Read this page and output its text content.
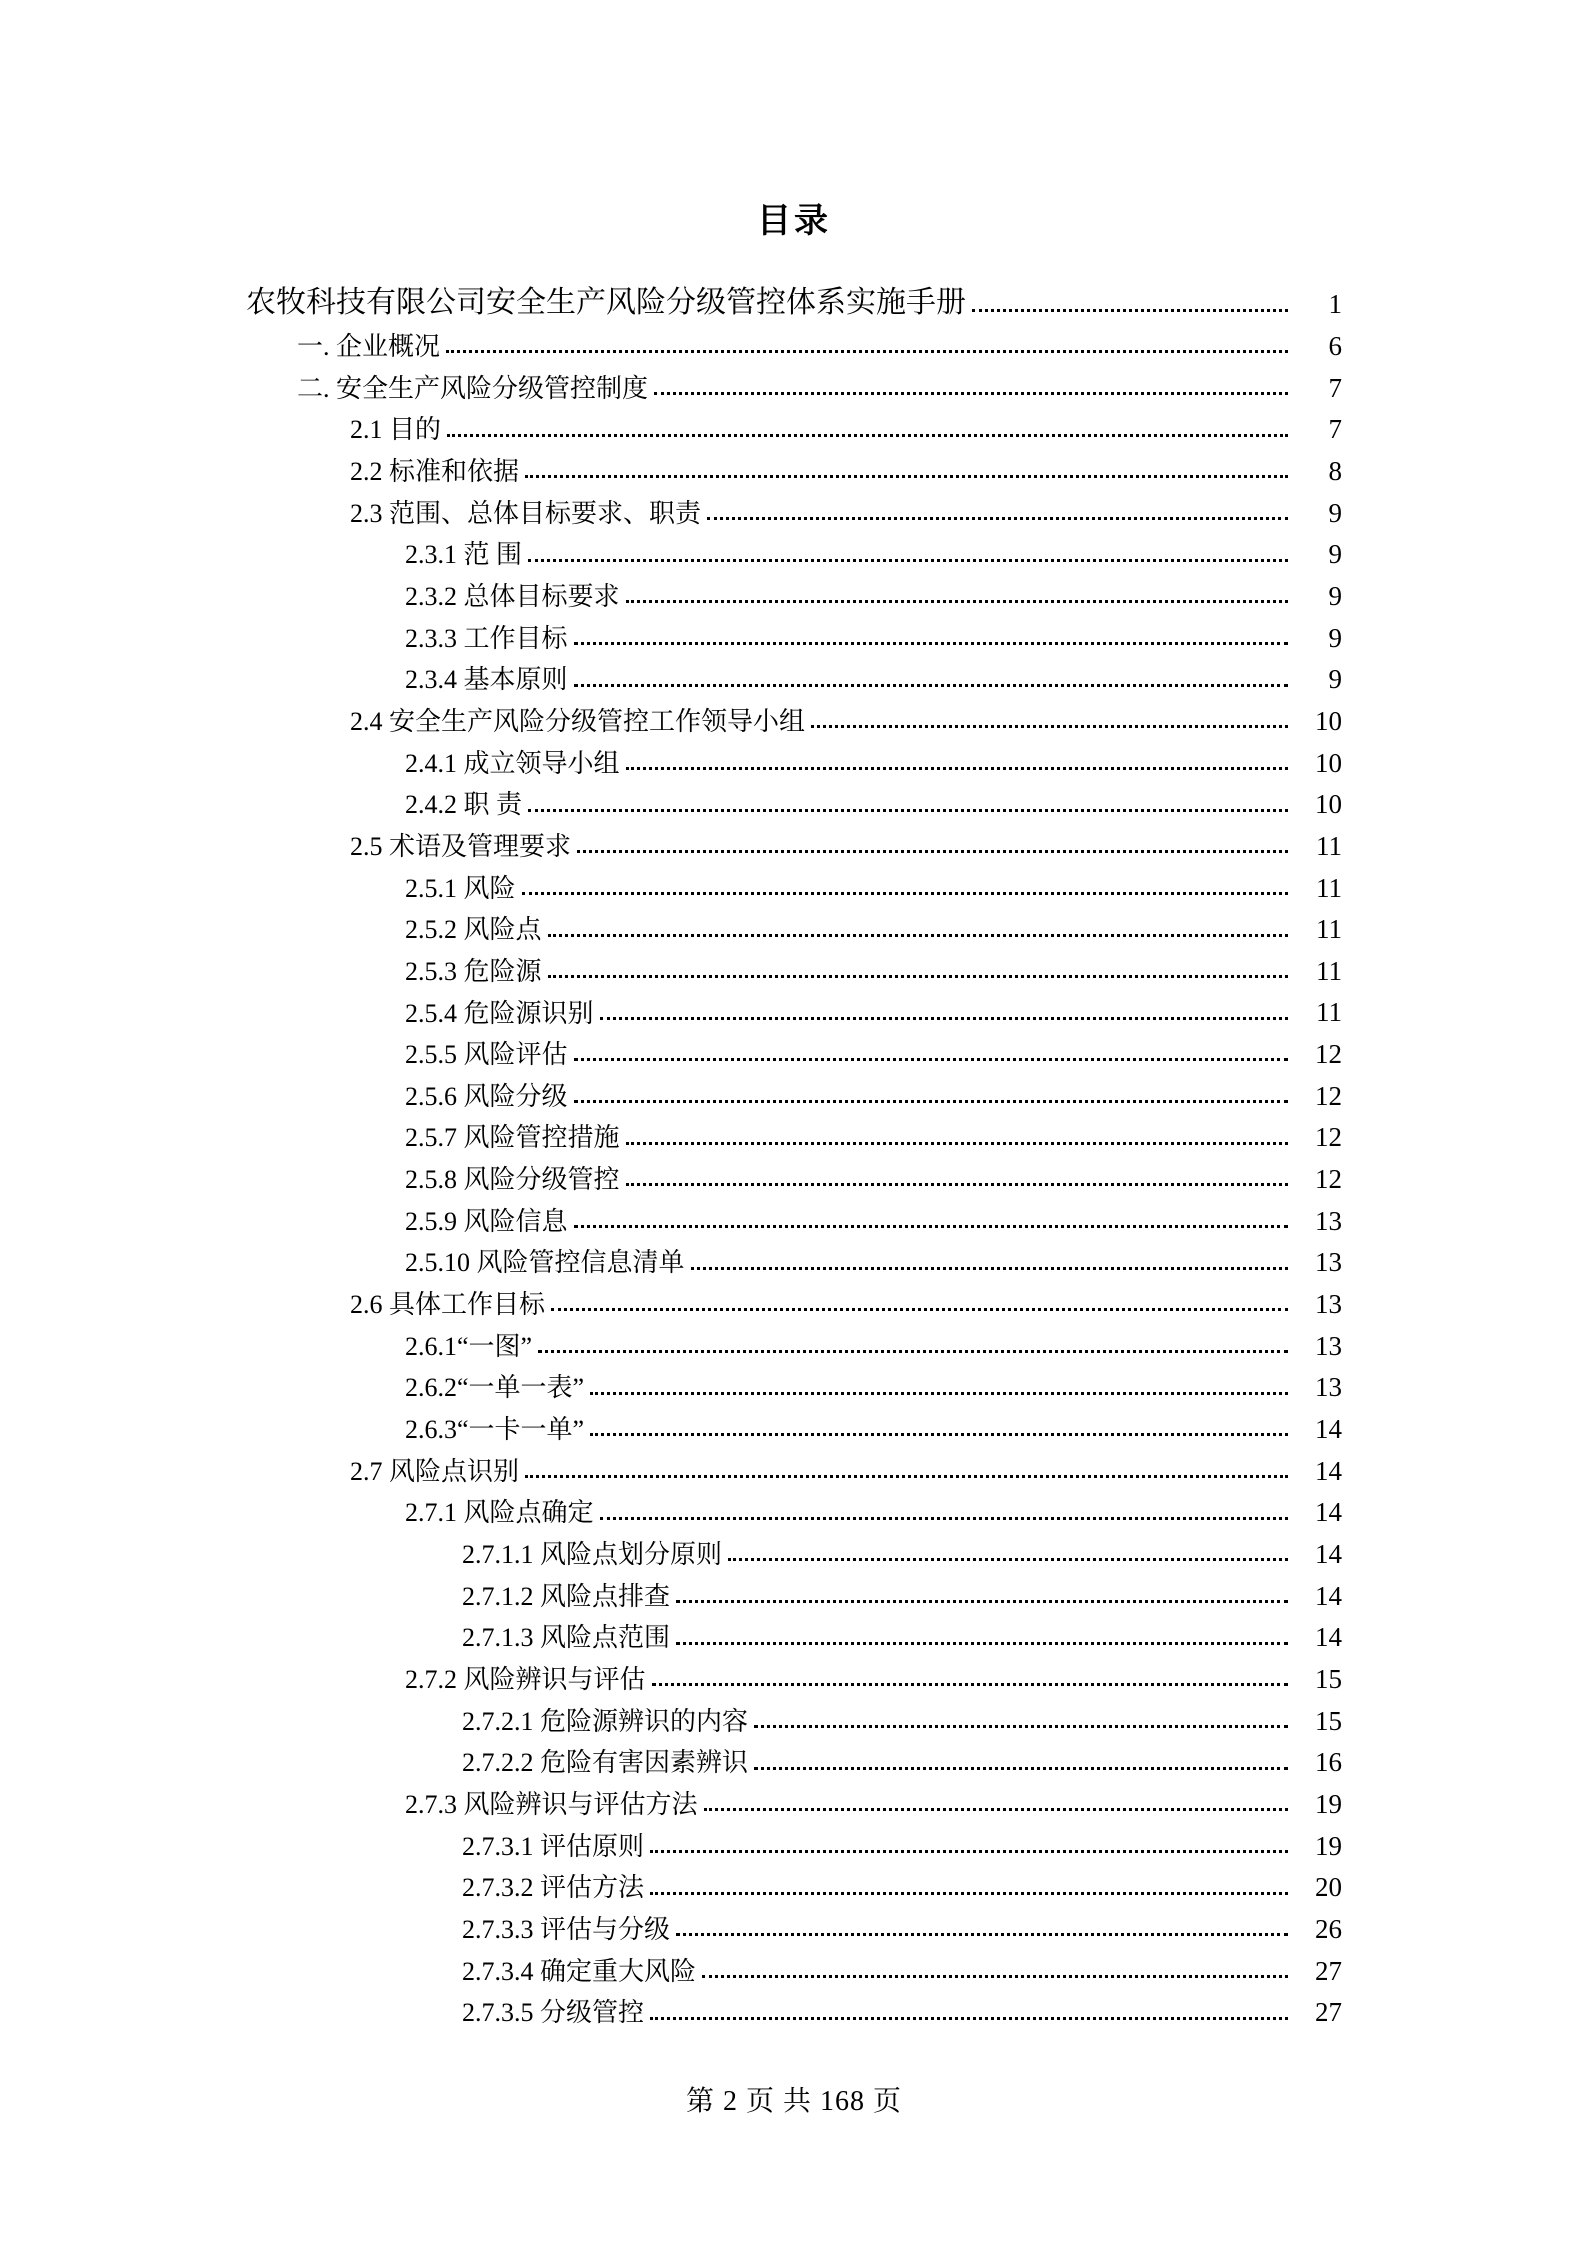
目录
农牧科技有限公司安全生产风险分级管控体系实施手册	1
一. 企业概况	6
二. 安全生产风险分级管控制度	7
2.1 目的	7
2.2 标准和依据	8
2.3 范围、总体目标要求、职责	9
2.3.1 范 围	9
2.3.2 总体目标要求	9
2.3.3 工作目标	9
2.3.4 基本原则	9
2.4 安全生产风险分级管控工作领导小组	10
2.4.1 成立领导小组	10
2.4.2 职 责	10
2.5 术语及管理要求	11
2.5.1 风险	11
2.5.2 风险点	11
2.5.3 危险源	11
2.5.4 危险源识别	11
2.5.5 风险评估	12
2.5.6 风险分级	12
2.5.7 风险管控措施	12
2.5.8 风险分级管控	12
2.5.9 风险信息	13
2.5.10 风险管控信息清单	13
2.6 具体工作目标	13
2.6.1“一图”	13
2.6.2“一单一表”	13
2.6.3“一卡一单”	14
2.7 风险点识别	14
2.7.1 风险点确定	14
2.7.1.1 风险点划分原则	14
2.7.1.2 风险点排查	14
2.7.1.3 风险点范围	14
2.7.2 风险辨识与评估	15
2.7.2.1 危险源辨识的内容	15
2.7.2.2 危险有害因素辨识	16
2.7.3 风险辨识与评估方法	19
2.7.3.1 评估原则	19
2.7.3.2 评估方法	20
2.7.3.3 评估与分级	26
2.7.3.4 确定重大风险	27
2.7.3.5 分级管控	27
第 2 页 共 168 页
